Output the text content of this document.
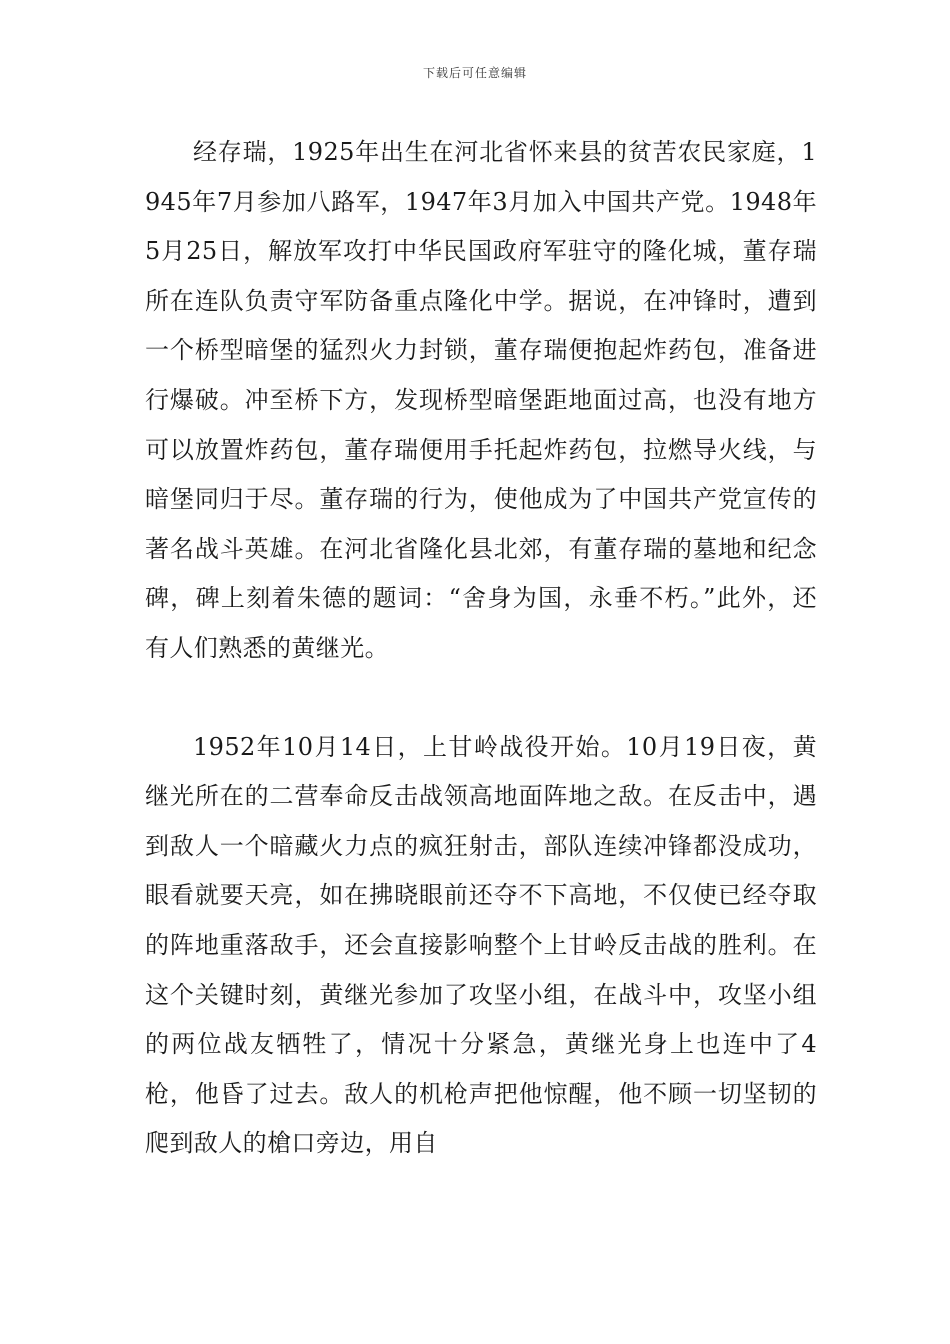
下载后可任意编辑

经存瑞，1925年出生在河北省怀来县的贫苦农民家庭，1945年7月参加八路军，1947年3月加入中国共产党。1948年5月25日，解放军攻打中华民国政府军驻守的隆化城，董存瑞所在连队负责守军防备重点隆化中学。据说，在冲锋时，遭到一个桥型暗堡的猛烈火力封锁，董存瑞便抱起炸药包，准备进行爆破。冲至桥下方，发现桥型暗堡距地面过高，也没有地方可以放置炸药包，董存瑞便用手托起炸药包，拉燃导火线，与暗堡同归于尽。董存瑞的行为，使他成为了中国共产党宣传的著名战斗英雄。在河北省隆化县北郊，有董存瑞的墓地和纪念碑，碑上刻着朱德的题词：“舍身为国，永垂不朽。”此外，还有人们熟悉的黄继光。

1952年10月14日，上甘岭战役开始。10月19日夜，黄继光所在的二营奉命反击战领高地面阵地之敌。在反击中，遇到敌人一个暗藏火力点的疯狂射击，部队连续冲锋都没成功，眼看就要天亮，如在拂晓眼前还夺不下高地，不仅使已经夺取的阵地重落敌手，还会直接影响整个上甘岭反击战的胜利。在这个关键时刻，黄继光参加了攻坚小组，在战斗中，攻坚小组的两位战友牺牲了，情况十分紧急，黄继光身上也连中了4枪，他昏了过去。敌人的机枪声把他惊醒，他不顾一切坚韧的爬到敌人的槍口旁边，用自
